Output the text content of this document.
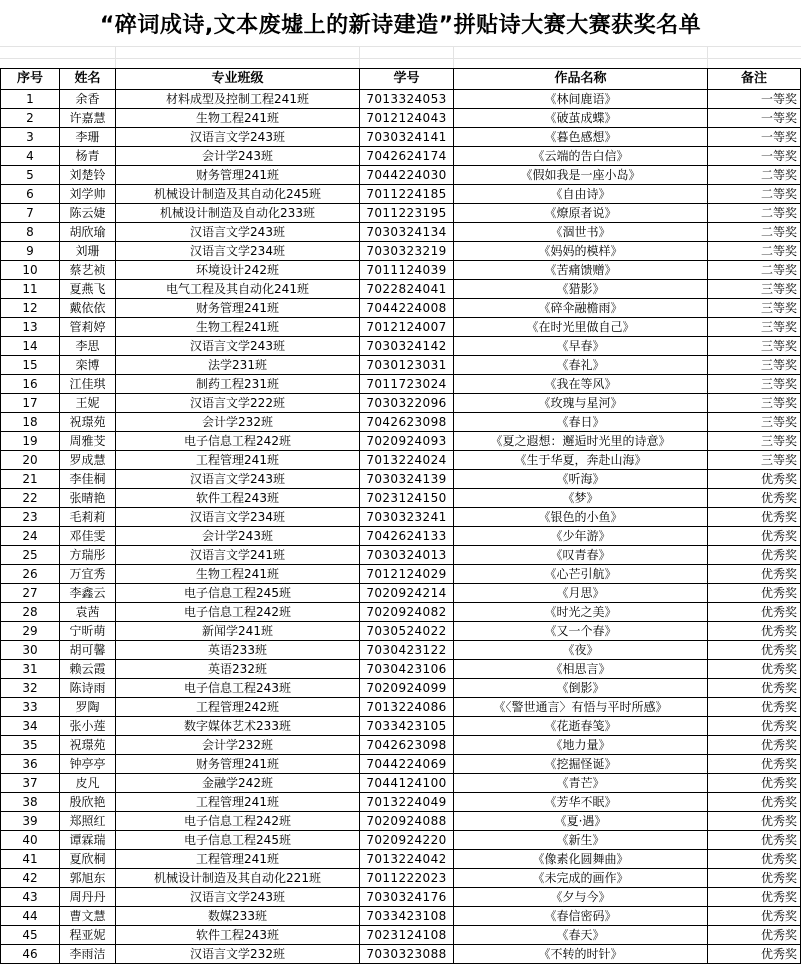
“碎词成诗,文本废墟上的新诗建造”拼贴诗大赛大赛获奖名单
序号	姓名	专业班级	学号	作品名称	备注
1	余香	材料成型及控制工程241班	7013324053	《林间鹿语》	一等奖
2	许嘉慧	生物工程241班	7012124043	《破茧成蝶》	一等奖
3	李珊	汉语言文学243班	7030324141	《暮色感想》	一等奖
4	杨青	会计学243班	7042624174	《云端的告白信》	一等奖
5	刘楚铃	财务管理241班	7044224030	《假如我是一座小岛》	二等奖
6	刘学帅	机械设计制造及其自动化245班	7011224185	《自由诗》	二等奖
7	陈云婕	机械设计制造及自动化233班	7011223195	《燎原者说》	二等奖
8	胡欣瑜	汉语言文学243班	7030324134	《涸世书》	二等奖
9	刘珊	汉语言文学234班	7030323219	《妈妈的模样》	二等奖
10	蔡艺祯	环境设计242班	7011124039	《苦痛馈赠》	二等奖
11	夏燕飞	电气工程及其自动化241班	7022824041	《猎影》	三等奖
12	戴依依	财务管理241班	7044224008	《碎伞融檐雨》	三等奖
13	管莉婷	生物工程241班	7012124007	《在时光里做自己》	三等奖
14	李思	汉语言文学243班	7030324142	《早春》	三等奖
15	栾博	法学231班	7030123031	《春礼》	三等奖
16	江佳琪	制药工程231班	7011723024	《我在等风》	三等奖
17	王妮	汉语言文学222班	7030322096	《玫瑰与星河》	三等奖
18	祝璟苑	会计学232班	7042623098	《春日》	三等奖
19	周雅芠	电子信息工程242班	7020924093	《夏之遐想：邂逅时光里的诗意》	三等奖
20	罗成慧	工程管理241班	7013224024	《生于华夏，奔赴山海》	三等奖
21	李佳桐	汉语言文学243班	7030324139	《听海》	优秀奖
22	张晴艳	软件工程243班	7023124150	《梦》	优秀奖
23	毛莉莉	汉语言文学234班	7030323241	《银色的小鱼》	优秀奖
24	邓佳雯	会计学243班	7042624133	《少年游》	优秀奖
25	方瑞彤	汉语言文学241班	7030324013	《叹青春》	优秀奖
26	万宜秀	生物工程241班	7012124029	《心芒引航》	优秀奖
27	李鑫云	电子信息工程245班	7020924214	《月思》	优秀奖
28	袁茜	电子信息工程242班	7020924082	《时光之美》	优秀奖
29	宁昕萌	新闻学241班	7030524022	《又一个春》	优秀奖
30	胡可馨	英语233班	7030423122	《夜》	优秀奖
31	赖云霞	英语232班	7030423106	《相思言》	优秀奖
32	陈诗雨	电子信息工程243班	7020924099	《倒影》	优秀奖
33	罗陶	工程管理242班	7013224086	《〈警世通言〉有悟与平时所感》	优秀奖
34	张小莲	数字媒体艺术233班	7033423105	《花逝春笺》	优秀奖
35	祝璟苑	会计学232班	7042623098	《地力量》	优秀奖
36	钟亭亭	财务管理241班	7044224069	《挖掘怪诞》	优秀奖
37	皮凡	金融学242班	7044124100	《青芒》	优秀奖
38	殷欣艳	工程管理241班	7013224049	《芳华不眠》	优秀奖
39	郑照红	电子信息工程242班	7020924088	《夏·遇》	优秀奖
40	谭霖瑞	电子信息工程245班	7020924220	《新生》	优秀奖
41	夏欣桐	工程管理241班	7013224042	《像素化圆舞曲》	优秀奖
42	郭旭东	机械设计制造及其自动化221班	7011222023	《未完成的画作》	优秀奖
43	周丹丹	汉语言文学243班	7030324176	《夕与今》	优秀奖
44	曹文慧	数媒233班	7033423108	《春信密码》	优秀奖
45	程亚妮	软件工程243班	7023124108	《春天》	优秀奖
46	李雨洁	汉语言文学232班	7030323088	《不转的时针》	优秀奖
